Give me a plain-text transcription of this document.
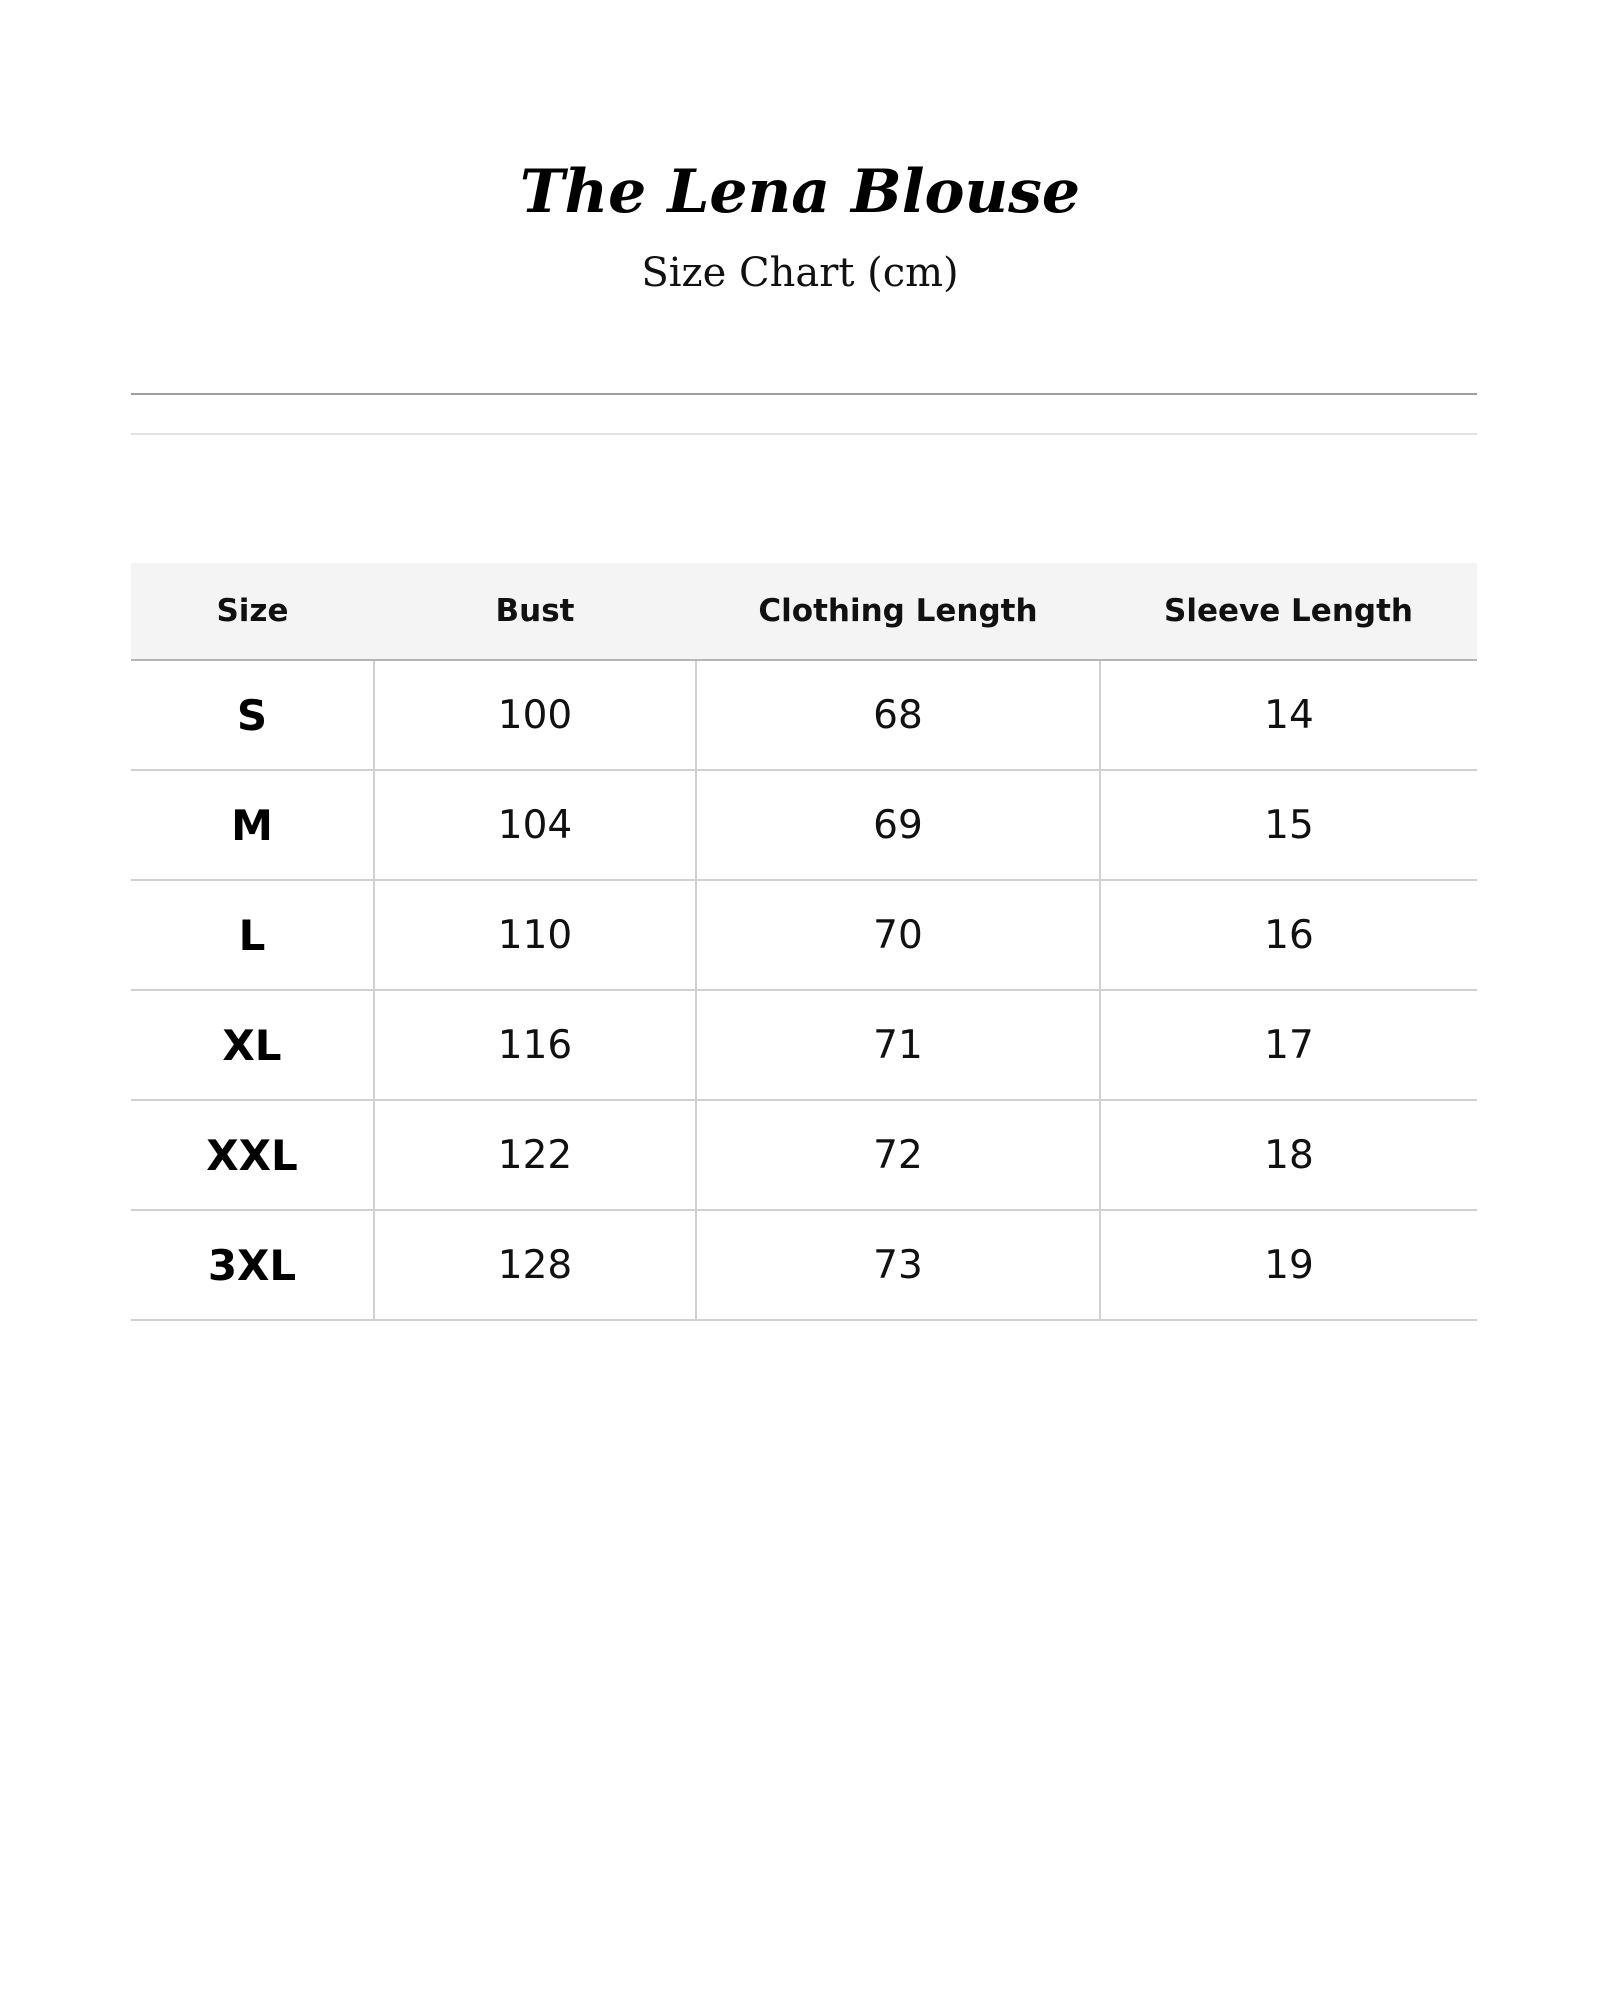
The Lena Blouse
Size Chart (cm)
Size	Bust	Clothing Length	Sleeve Length
S	100	68	14
M	104	69	15
L	110	70	16
XL	116	71	17
XXL	122	72	18
3XL	128	73	19
